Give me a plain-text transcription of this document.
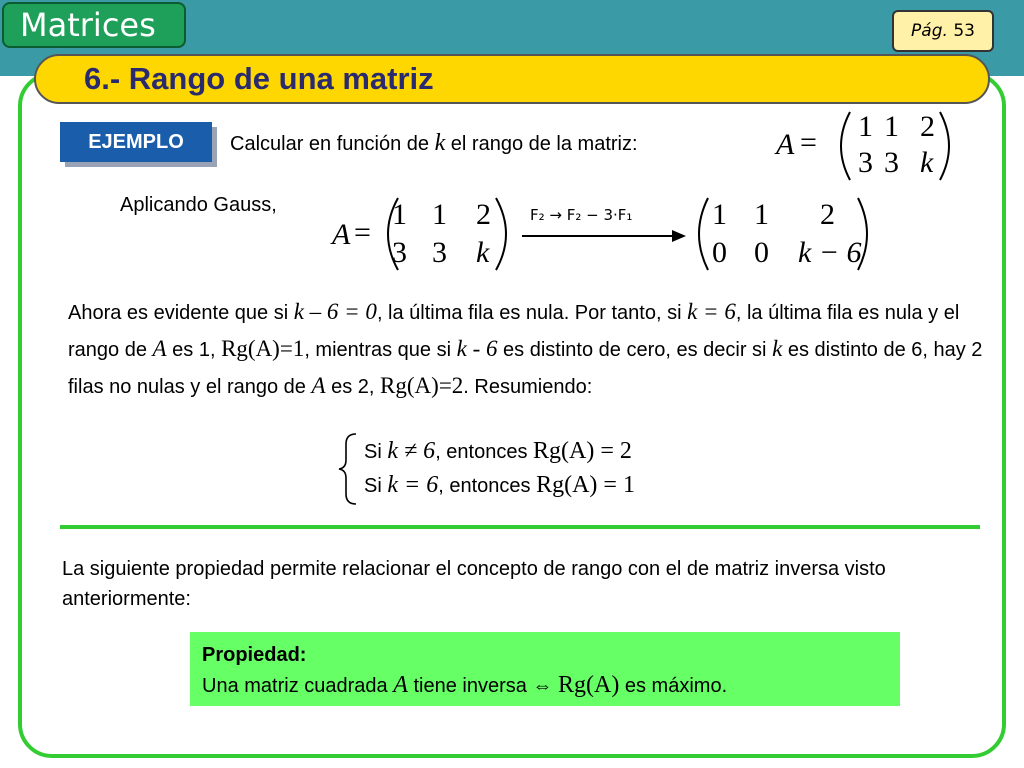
Matrices	Pág. 53
6.- Rango de una matriz
EJEMPLO	Calcular en función de k el rango de la matriz:	A = 1 1 2
3 3 k
Aplicando Gauss,
A =
1 1 2
3 3 k
F₂ → F₂ − 3·F₁	1 1 2
0 0 k − 6
Ahora es evidente que si k – 6 = 0, la última fila es nula. Por tanto, si k = 6, la última fila es nula y el rango de A es 1, Rg(A)=1, mientras que si k - 6 es distinto de cero, es decir si k es distinto de 6, hay 2 filas no nulas y el rango de A es 2, Rg(A)=2. Resumiendo:
Si k ≠ 6, entonces Rg(A) = 2
Si k = 6, entonces Rg(A) = 1
La siguiente propiedad permite relacionar el concepto de rango con el de matriz inversa visto anteriormente:
Propiedad:
Una matriz cuadrada A tiene inversa ⇔ Rg(A) es máximo.
